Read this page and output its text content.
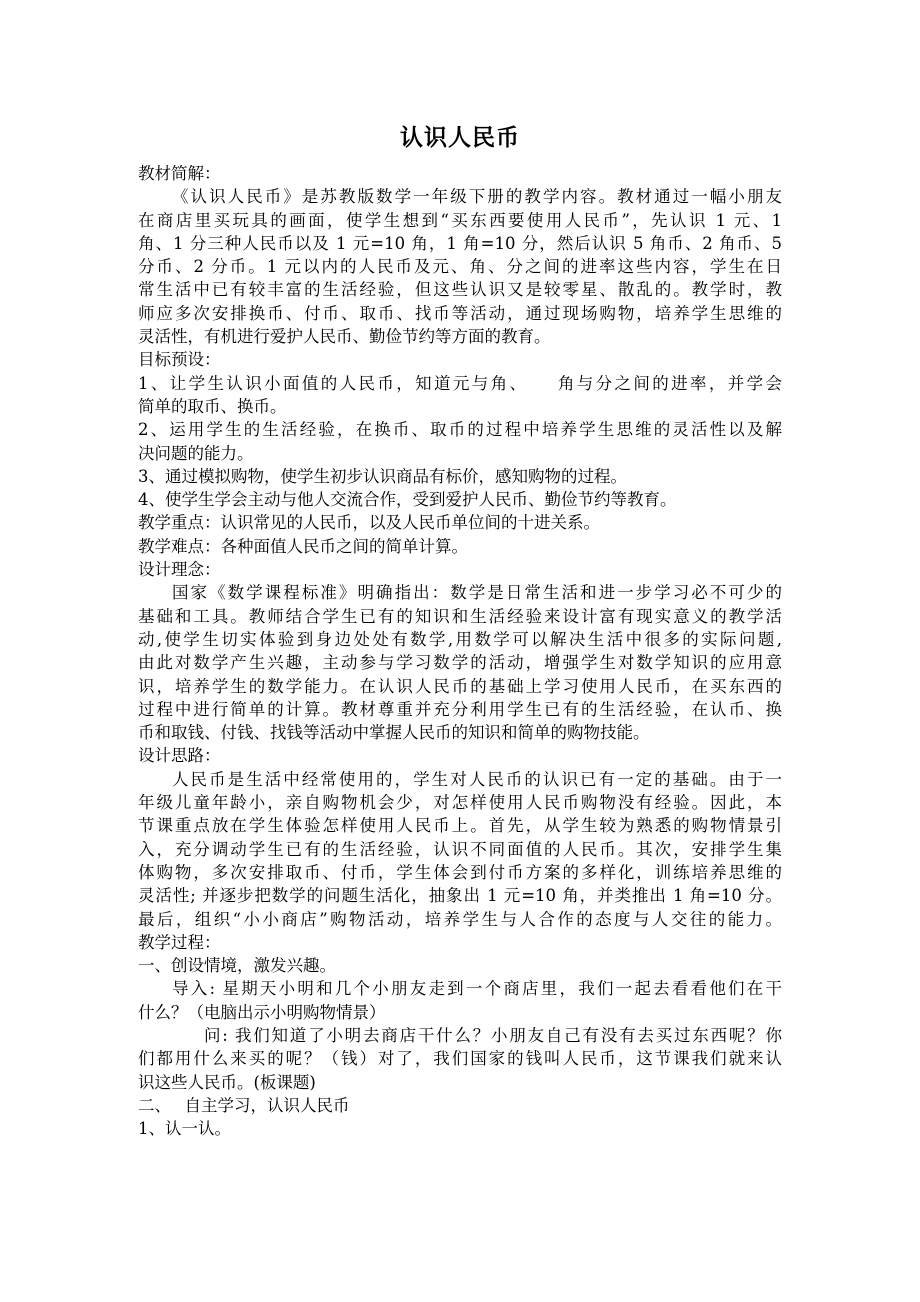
认识人民币

教材简解：

《认识人民币》是苏教版数学一年级下册的教学内容。教材通过一幅小朋友

在商店里买玩具的画面，使学生想到“买东西要使用人民币”，先认识 1 元、1

角、1 分三种人民币以及 1 元=10 角，1 角=10 分，然后认识 5 角币、2 角币、5

分币、2 分币。1 元以内的人民币及元、角、分之间的进率这些内容，学生在日

常生活中已有较丰富的生活经验，但这些认识又是较零星、散乱的。教学时，教

师应多次安排换币、付币、取币、找币等活动，通过现场购物，培养学生思维的

灵活性，有机进行爱护人民币、勤俭节约等方面的教育。

目标预设：

1、让学生认识小面值的人民币，知道元与角、　　角与分之间的进率，并学会

简单的取币、换币。

2、运用学生的生活经验，在换币、取币的过程中培养学生思维的灵活性以及解

决问题的能力。

3、通过模拟购物，使学生初步认识商品有标价，感知购物的过程。

4、使学生学会主动与他人交流合作，受到爱护人民币、勤俭节约等教育。

教学重点：认识常见的人民币，以及人民币单位间的十进关系。

教学难点：各种面值人民币之间的简单计算。

设计理念：

国家《数学课程标准》明确指出：数学是日常生活和进一步学习必不可少的

基础和工具。教师结合学生已有的知识和生活经验来设计富有现实意义的教学活

动,使学生切实体验到身边处处有数学,用数学可以解决生活中很多的实际问题,

由此对数学产生兴趣，主动参与学习数学的活动，增强学生对数学知识的应用意

识，培养学生的数学能力。在认识人民币的基础上学习使用人民币，在买东西的

过程中进行简单的计算。教材尊重并充分利用学生已有的生活经验，在认币、换

币和取钱、付钱、找钱等活动中掌握人民币的知识和简单的购物技能。

设计思路：

人民币是生活中经常使用的，学生对人民币的认识已有一定的基础。由于一

年级儿童年龄小，亲自购物机会少，对怎样使用人民币购物没有经验。因此，本

节课重点放在学生体验怎样使用人民币上。首先，从学生较为熟悉的购物情景引

入，充分调动学生已有的生活经验，认识不同面值的人民币。其次，安排学生集

体购物，多次安排取币、付币，学生体会到付币方案的多样化，训练培养思维的

灵活性; 并逐步把数学的问题生活化，抽象出 1 元=10 角，并类推出 1 角=10 分。

最后，组织“小小商店”购物活动，培养学生与人合作的态度与人交往的能力。

教学过程：

一、创设情境，激发兴趣。

导入: 星期天小明和几个小朋友走到一个商店里，我们一起去看看他们在干

什么？（电脑出示小明购物情景）

问: 我们知道了小明去商店干什么？小朋友自己有没有去买过东西呢？你

们都用什么来买的呢？（钱）对了，我们国家的钱叫人民币，这节课我们就来认

识这些人民币。(板课题)

二、　 自主学习，认识人民币

1、认一认。
